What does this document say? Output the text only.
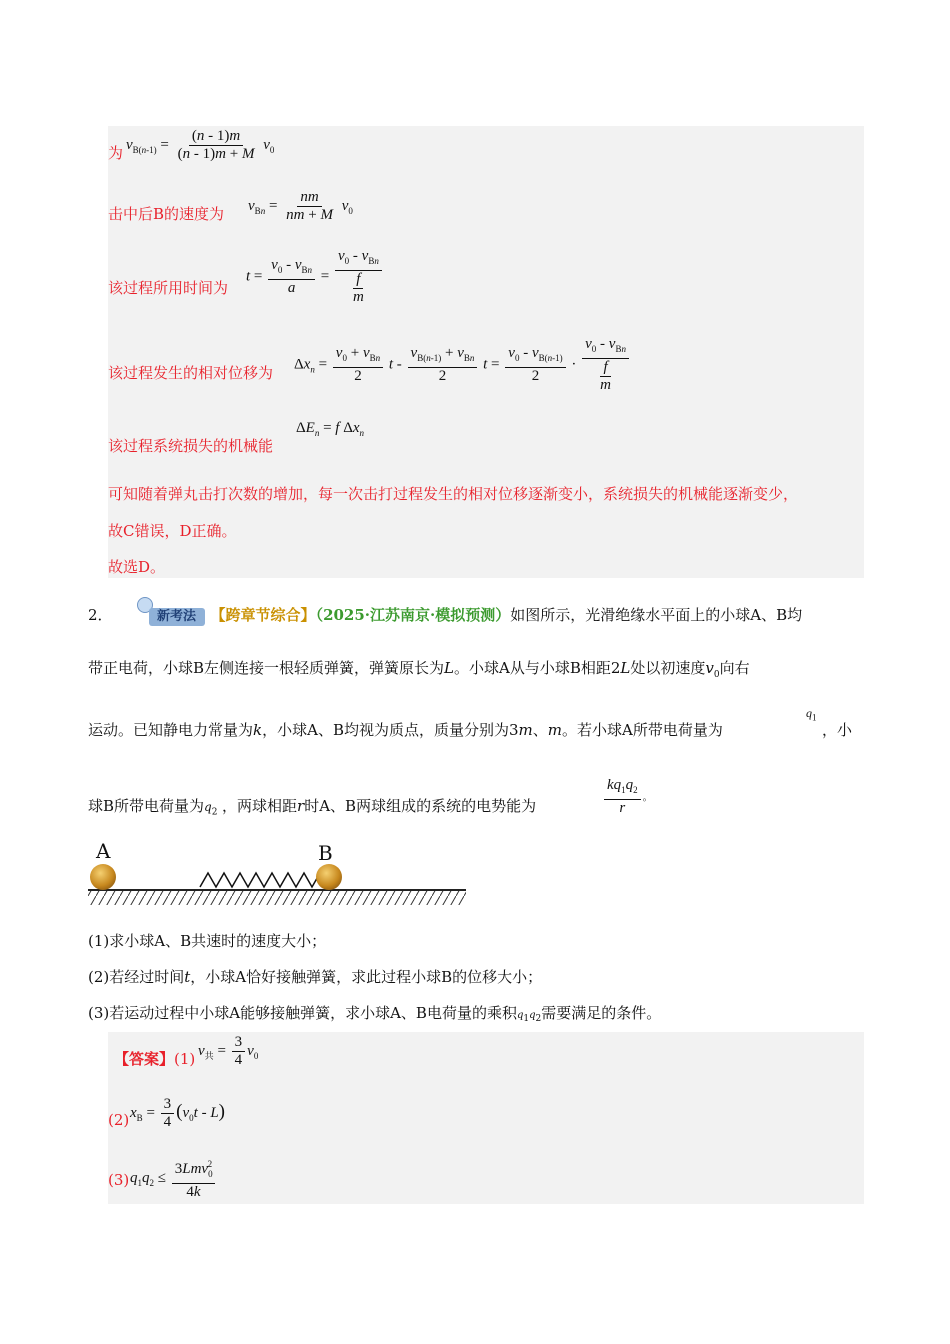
为 $v_{B(n-1)} = \frac{(n - 1)m}{(n - 1)m + M} v_0$
击中后B的速度为 $v_{Bn} = \frac{nm}{nm + M} v_0$
该过程所用时间为
$t = \frac{v_0 - v_{Bn}}{a} = \frac{v_0 - v_{Bn}}{\frac{f}{m}}$
该过程发生的相对位移为 $\Delta x_n = \frac{v_0 + v_{Bn}}{2}$ t - $\frac{v_{B(n-1)} + v_{Bn}}{2}$ $t = \frac{v_0 - v_{B(n-1)}}{2} \cdot \frac{v_0 - v_{Bn}}{\frac{f}{m}}$
该过程系统损失的机械能
$\Delta E_n = f$ $\Delta x_n$
可知随着弹丸击打次数的增加，每一次击打过程发生的相对位移逐渐变小，系统损失的机械能逐渐变少，
故C错误，D正确。
故选D。
2．	新考法 【跨章节综合】（2025·江苏南京·模拟预测）如图所示，光滑绝缘水平面上的小球A、B均
带正电荷，小球B左侧连接一根轻质弹簧，弹簧原长为L。小球A从与小球B相距2L处以初速度$v_0$向右
运动。已知静电力常量为k，小球A、B均视为质点，质量分别为3m、m。若小球A所带电荷量为
$q_1$
，小
球B所带电荷量为$q_2$ ，两球相距r时A、B两球组成的系统的电势能为	$\frac{kq_1q_2}{r}$ 。
A	B
(1)求小球A、B共速时的速度大小；
(2)若经过时间t，小球A恰好接触弹簧，求此过程小球B的位移大小；
(3)若运动过程中小球A能够接触弹簧，求小球A、B电荷量的乘积$q_1q_2$需要满足的条件。
【答案】(1) $v_共 = \frac{3}{4} v_0$
(2) $x_B = \frac{3}{4} (v_0t - L)$
(3) $q_1q_2 \le \frac{3Lmv_0^2}{4k}$
